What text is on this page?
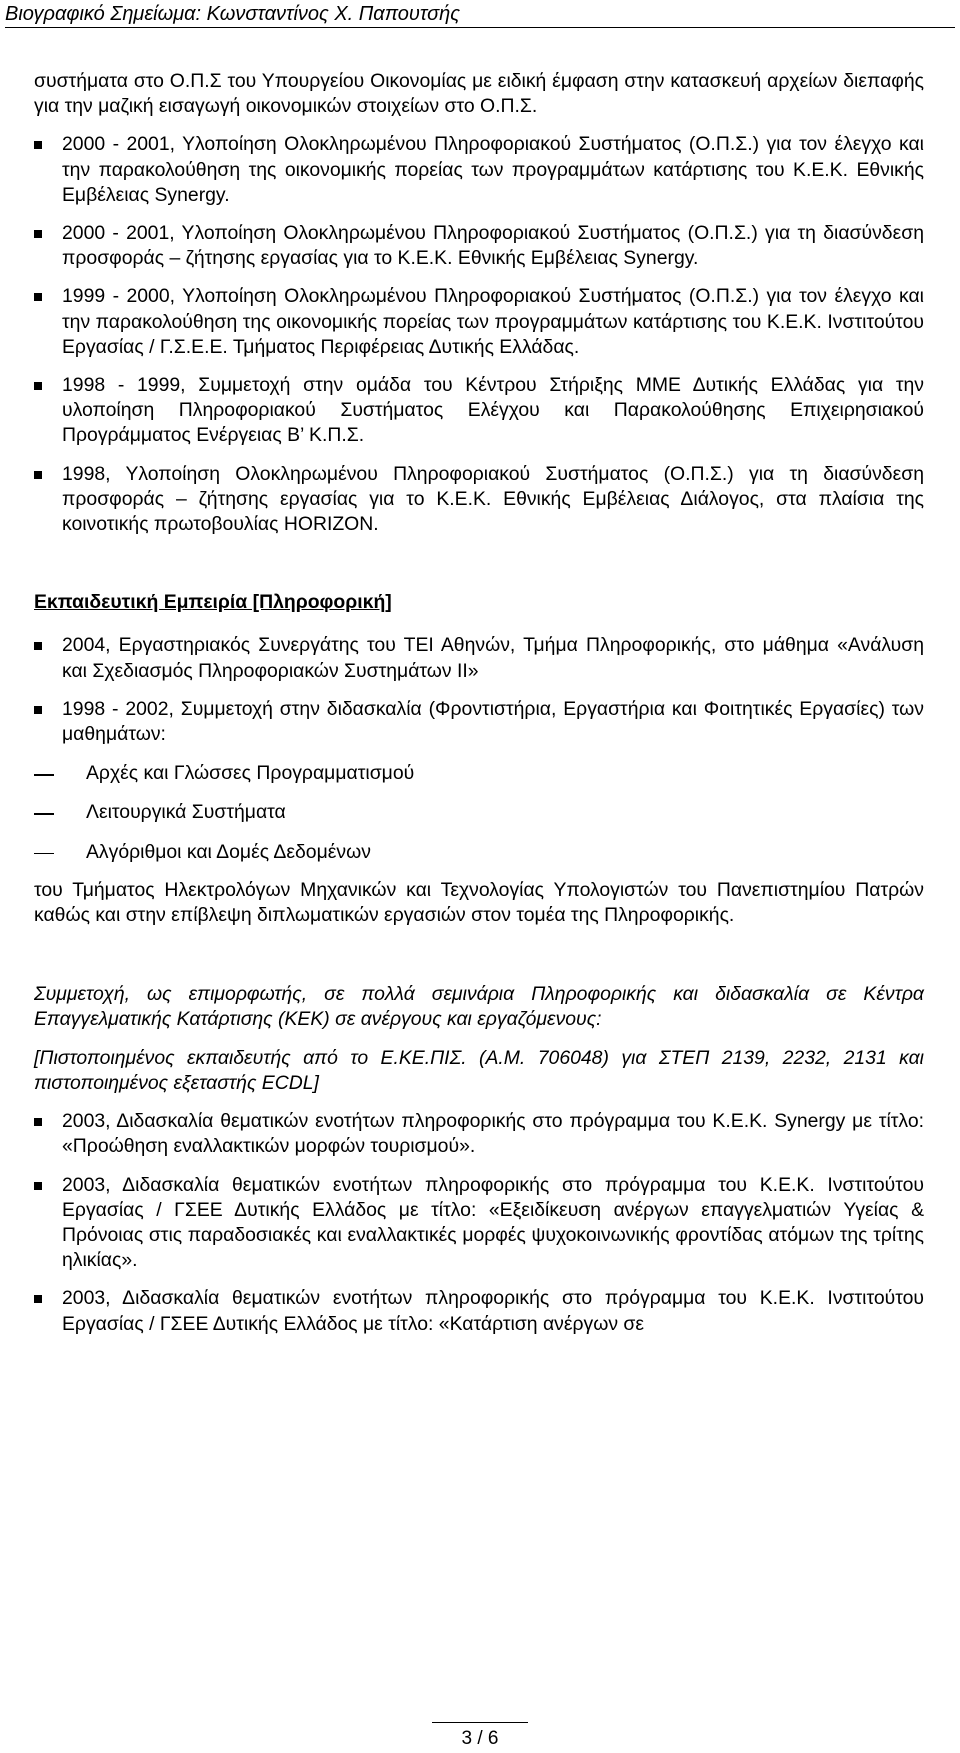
Βιογραφικό Σημείωμα: Κωνσταντίνος Χ. Παπουτσής

συστήματα στο Ο.Π.Σ του Υπουργείου Οικονομίας με ειδική έμφαση στην κατασκευή αρχείων διεπαφής για την μαζική εισαγωγή οικονομικών στοιχείων στο Ο.Π.Σ.

2000 - 2001, Υλοποίηση Ολοκληρωμένου Πληροφοριακού Συστήματος (Ο.Π.Σ.) για τον έλεγχο και την παρακολούθηση της οικονομικής πορείας των προγραμμάτων κατάρτισης του Κ.Ε.Κ. Εθνικής Εμβέλειας Synergy.
2000 - 2001, Υλοποίηση Ολοκληρωμένου Πληροφοριακού Συστήματος (Ο.Π.Σ.) για τη διασύνδεση προσφοράς – ζήτησης εργασίας για το Κ.Ε.Κ. Εθνικής Εμβέλειας Synergy.
1999 - 2000, Υλοποίηση Ολοκληρωμένου Πληροφοριακού Συστήματος (Ο.Π.Σ.) για τον έλεγχο και την παρακολούθηση της οικονομικής πορείας των προγραμμάτων κατάρτισης του Κ.Ε.Κ. Ινστιτούτου Εργασίας / Γ.Σ.Ε.Ε. Τμήματος Περιφέρειας Δυτικής Ελλάδας.
1998 - 1999, Συμμετοχή στην ομάδα του Κέντρου Στήριξης ΜΜΕ Δυτικής Ελλάδας για την υλοποίηση Πληροφοριακού Συστήματος Ελέγχου και Παρακολούθησης Επιχειρησιακού Προγράμματος Ενέργειας Β’ Κ.Π.Σ.
1998, Υλοποίηση Ολοκληρωμένου Πληροφοριακού Συστήματος (Ο.Π.Σ.) για τη διασύνδεση προσφοράς – ζήτησης εργασίας για το Κ.Ε.Κ. Εθνικής Εμβέλειας Διάλογος, στα πλαίσια της κοινοτικής πρωτοβουλίας HORIZON.
Εκπαιδευτική Εμπειρία [Πληροφορική]
2004, Εργαστηριακός Συνεργάτης του ΤΕΙ Αθηνών, Τμήμα Πληροφορικής, στο μάθημα «Ανάλυση και Σχεδιασμός Πληροφοριακών Συστημάτων ΙΙ»
1998 - 2002, Συμμετοχή στην διδασκαλία (Φροντιστήρια, Εργαστήρια και Φοιτητικές Εργασίες) των μαθημάτων:
Αρχές και Γλώσσες Προγραμματισμού
Λειτουργικά Συστήματα
Αλγόριθμοι και Δομές Δεδομένων

του Τμήματος Ηλεκτρολόγων Μηχανικών και Τεχνολογίας Υπολογιστών του Πανεπιστημίου Πατρών καθώς και στην επίβλεψη διπλωματικών εργασιών στον τομέα της Πληροφορικής.

Συμμετοχή, ως επιμορφωτής, σε πολλά σεμινάρια Πληροφορικής και διδασκαλία σε Κέντρα Επαγγελματικής Κατάρτισης (ΚΕΚ) σε ανέργους και εργαζόμενους:

[Πιστοποιημένος εκπαιδευτής από το Ε.ΚΕ.ΠΙΣ. (Α.Μ. 706048) για ΣΤΕΠ 2139, 2232, 2131 και πιστοποιημένος εξεταστής ECDL]

2003, Διδασκαλία θεματικών ενοτήτων πληροφορικής στο πρόγραμμα του Κ.Ε.Κ. Synergy με τίτλο: «Προώθηση εναλλακτικών μορφών τουρισμού».
2003, Διδασκαλία θεματικών ενοτήτων πληροφορικής στο πρόγραμμα του Κ.Ε.Κ. Ινστιτούτου Εργασίας / ΓΣΕΕ Δυτικής Ελλάδος με τίτλο: «Εξειδίκευση ανέργων επαγγελματιών Υγείας & Πρόνοιας στις παραδοσιακές και εναλλακτικές μορφές ψυχοκοινωνικής φροντίδας ατόμων της τρίτης ηλικίας».
2003, Διδασκαλία θεματικών ενοτήτων πληροφορικής στο πρόγραμμα του Κ.Ε.Κ. Ινστιτούτου Εργασίας / ΓΣΕΕ Δυτικής Ελλάδος με τίτλο: «Κατάρτιση ανέργων σε
3 / 6
